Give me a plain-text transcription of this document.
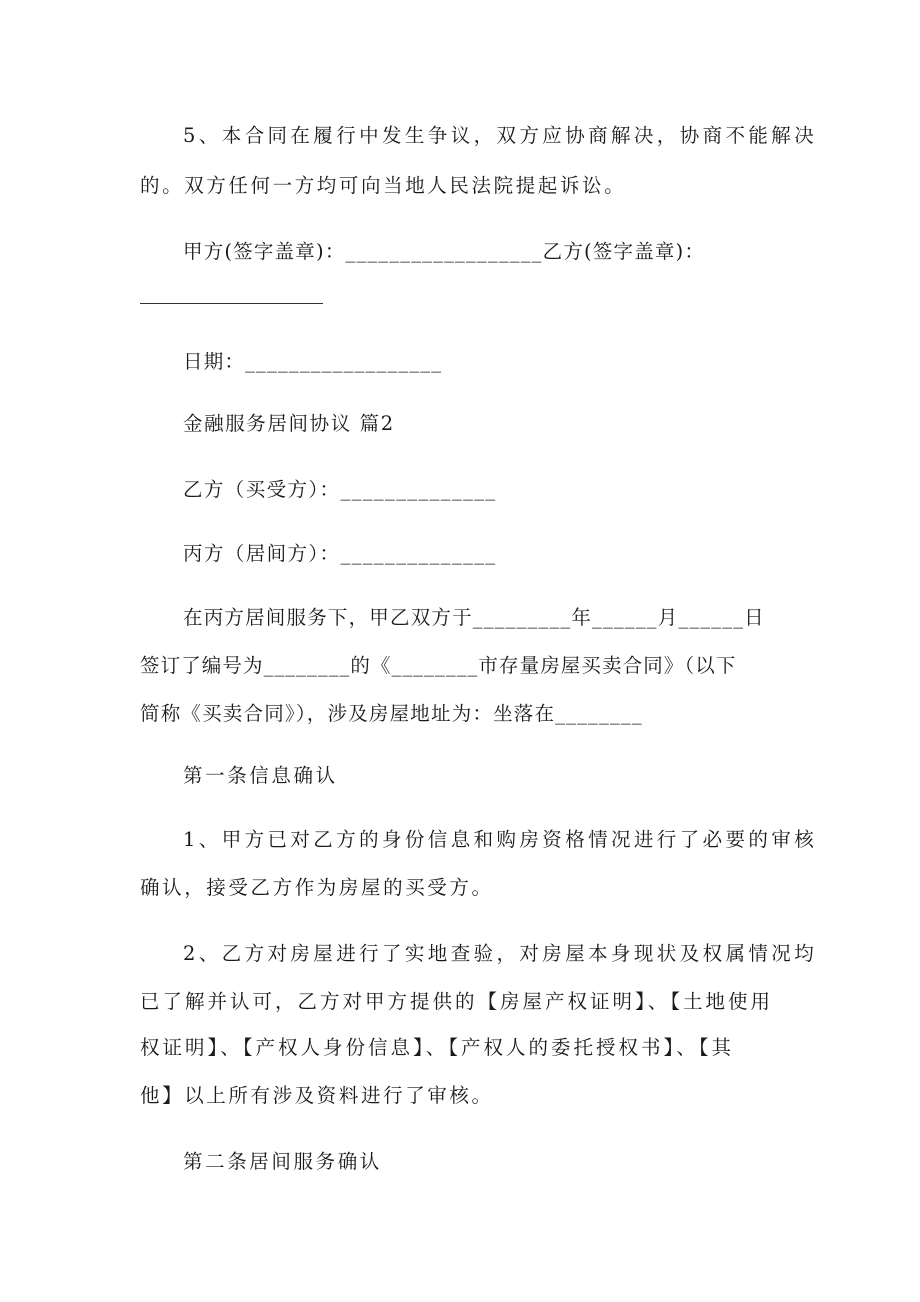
5、本合同在履行中发生争议，双方应协商解决，协商不能解决
的。双方任何一方均可向当地人民法院提起诉讼。
甲方(签字盖章)：__________________乙方(签字盖章)：
日期：__________________
金融服务居间协议 篇2
乙方（买受方）：______________
丙方（居间方）：______________
在丙方居间服务下，甲乙双方于_________年______月______日
签订了编号为________的《________市存量房屋买卖合同》（以下
简称《买卖合同》），涉及房屋地址为：坐落在________
第一条信息确认
1、甲方已对乙方的身份信息和购房资格情况进行了必要的审核
确认，接受乙方作为房屋的买受方。
2、乙方对房屋进行了实地查验，对房屋本身现状及权属情况均
已了解并认可，乙方对甲方提供的【房屋产权证明】、【土地使用
权证明】、【产权人身份信息】、【产权人的委托授权书】、【其
他】以上所有涉及资料进行了审核。
第二条居间服务确认
